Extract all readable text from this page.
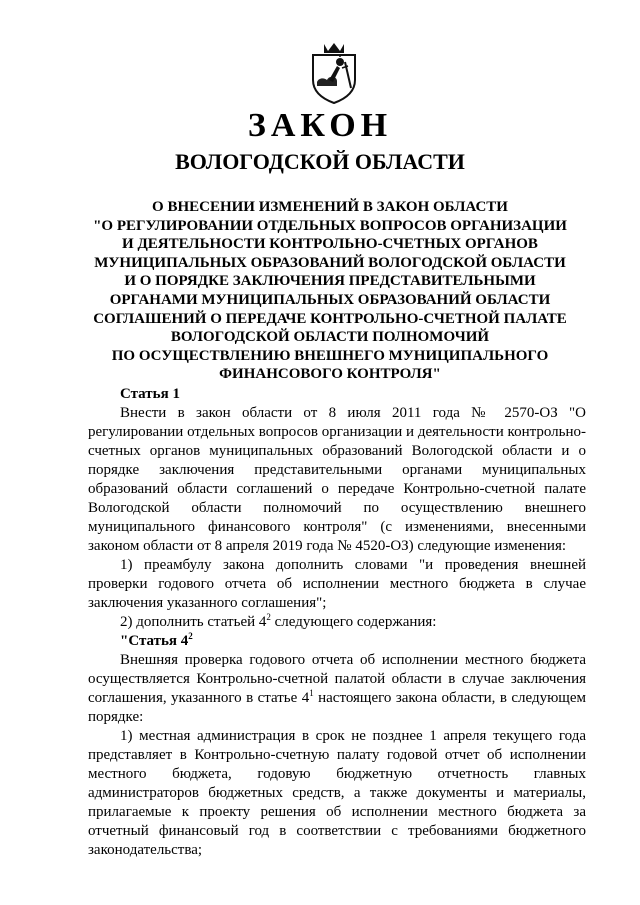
ЗАКОН
ВОЛОГОДСКОЙ ОБЛАСТИ
О ВНЕСЕНИИ ИЗМЕНЕНИЙ В ЗАКОН ОБЛАСТИ
"О РЕГУЛИРОВАНИИ ОТДЕЛЬНЫХ ВОПРОСОВ ОРГАНИЗАЦИИ
И ДЕЯТЕЛЬНОСТИ КОНТРОЛЬНО-СЧЕТНЫХ ОРГАНОВ
МУНИЦИПАЛЬНЫХ ОБРАЗОВАНИЙ ВОЛОГОДСКОЙ ОБЛАСТИ
И О ПОРЯДКЕ ЗАКЛЮЧЕНИЯ ПРЕДСТАВИТЕЛЬНЫМИ
ОРГАНАМИ МУНИЦИПАЛЬНЫХ ОБРАЗОВАНИЙ ОБЛАСТИ
СОГЛАШЕНИЙ О ПЕРЕДАЧЕ КОНТРОЛЬНО-СЧЕТНОЙ ПАЛАТЕ
ВОЛОГОДСКОЙ ОБЛАСТИ ПОЛНОМОЧИЙ
ПО ОСУЩЕСТВЛЕНИЮ ВНЕШНЕГО МУНИЦИПАЛЬНОГО
ФИНАНСОВОГО КОНТРОЛЯ"

Статья 1

Внести в закон области от 8 июля 2011 года № 2570-ОЗ "О регулировании отдельных вопросов организации и деятельности контрольно-счетных органов муниципальных образований Вологодской области и о порядке заключения представительными органами муниципальных образований области соглашений о передаче Контрольно-счетной палате Вологодской области полномочий по осуществлению внешнего муниципального финансового контроля" (с изменениями, внесенными законом области от 8 апреля 2019 года № 4520-ОЗ) следующие изменения:

1) преамбулу закона дополнить словами "и проведения внешней проверки годового отчета об исполнении местного бюджета в случае заключения указанного соглашения";

2) дополнить статьей $4^2$ следующего содержания:

"Статья $4^2$

Внешняя проверка годового отчета об исполнении местного бюджета осуществляется Контрольно-счетной палатой области в случае заключения соглашения, указанного в статье $4^1$ настоящего закона области, в следующем порядке:

1) местная администрация в срок не позднее 1 апреля текущего года представляет в Контрольно-счетную палату годовой отчет об исполнении местного бюджета, годовую бюджетную отчетность главных администраторов бюджетных средств, а также документы и материалы, прилагаемые к проекту решения об исполнении местного бюджета за отчетный финансовый год в соответствии с требованиями бюджетного законодательства;
